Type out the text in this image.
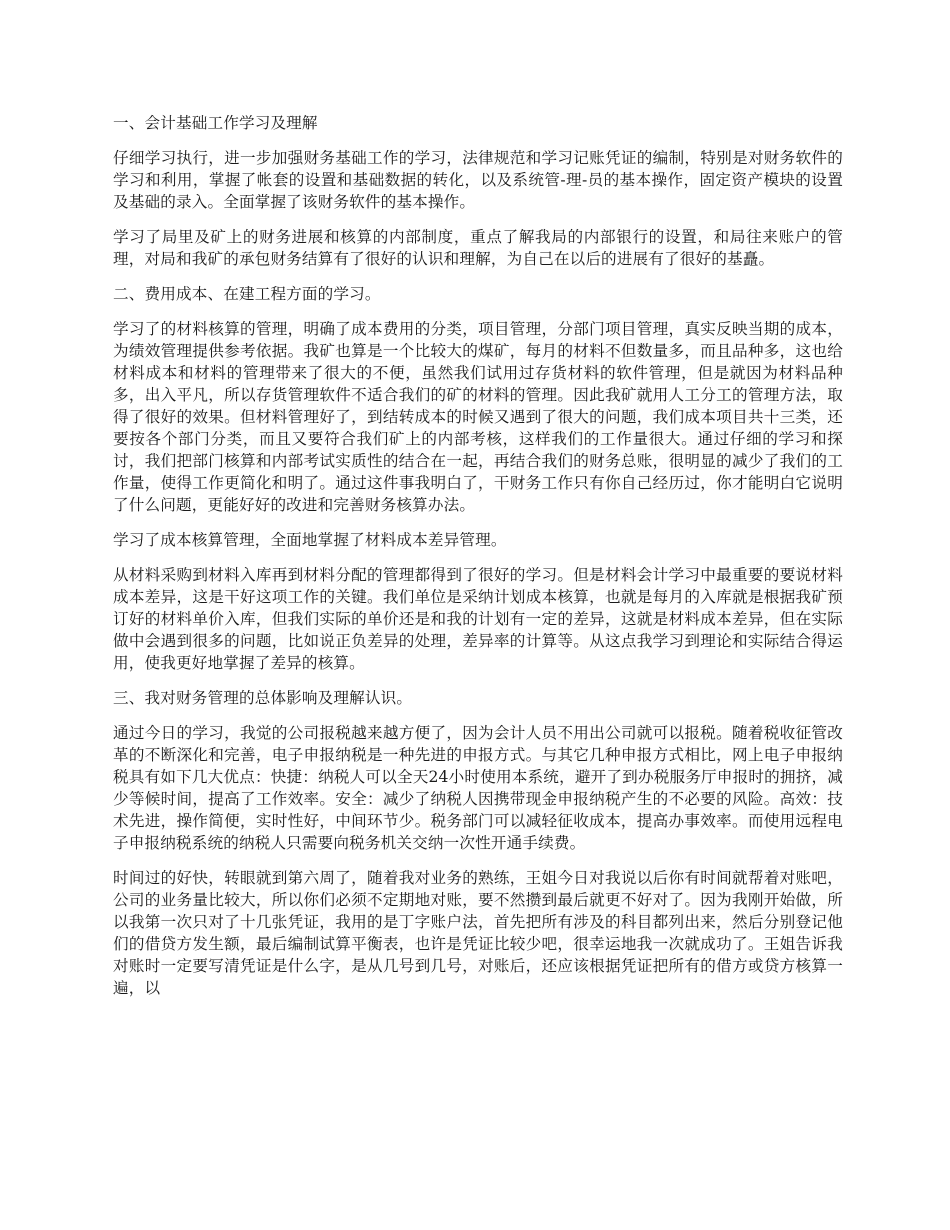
一、会计基础工作学习及理解
仔细学习执行，进一步加强财务基础工作的学习，法律规范和学习记账凭证的编制，特别是对财务软件的学习和利用，掌握了帐套的设置和基础数据的转化，以及系统管-理-员的基本操作，固定资产模块的设置及基础的录入。全面掌握了该财务软件的基本操作。
学习了局里及矿上的财务进展和核算的内部制度，重点了解我局的内部银行的设置，和局往来账户的管理，对局和我矿的承包财务结算有了很好的认识和理解，为自己在以后的进展有了很好的基矗。
二、费用成本、在建工程方面的学习。
学习了的材料核算的管理，明确了成本费用的分类，项目管理，分部门项目管理，真实反映当期的成本，为绩效管理提供参考依据。我矿也算是一个比较大的煤矿，每月的材料不但数量多，而且品种多，这也给材料成本和材料的管理带来了很大的不便，虽然我们试用过存货材料的软件管理，但是就因为材料品种多，出入平凡，所以存货管理软件不适合我们的矿的材料的管理。因此我矿就用人工分工的管理方法，取得了很好的效果。但材料管理好了，到结转成本的时候又遇到了很大的问题，我们成本项目共十三类，还要按各个部门分类，而且又要符合我们矿上的内部考核，这样我们的工作量很大。通过仔细的学习和探讨，我们把部门核算和内部考试实质性的结合在一起，再结合我们的财务总账，很明显的减少了我们的工作量，使得工作更简化和明了。通过这件事我明白了，干财务工作只有你自己经历过，你才能明白它说明了什么问题，更能好好的改进和完善财务核算办法。
学习了成本核算管理，全面地掌握了材料成本差异管理。
从材料采购到材料入库再到材料分配的管理都得到了很好的学习。但是材料会计学习中最重要的要说材料成本差异，这是干好这项工作的关键。我们单位是采纳计划成本核算，也就是每月的入库就是根据我矿预订好的材料单价入库，但我们实际的单价还是和我的计划有一定的差异，这就是材料成本差异，但在实际做中会遇到很多的问题，比如说正负差异的处理，差异率的计算等。从这点我学习到理论和实际结合得运用，使我更好地掌握了差异的核算。
三、我对财务管理的总体影响及理解认识。
通过今日的学习，我觉的公司报税越来越方便了，因为会计人员不用出公司就可以报税。随着税收征管改革的不断深化和完善，电子申报纳税是一种先进的申报方式。与其它几种申报方式相比，网上电子申报纳税具有如下几大优点：快捷：纳税人可以全天24小时使用本系统，避开了到办税服务厅申报时的拥挤，减少等候时间，提高了工作效率。安全：减少了纳税人因携带现金申报纳税产生的不必要的风险。高效：技术先进，操作简便，实时性好，中间环节少。税务部门可以减轻征收成本，提高办事效率。而使用远程电子申报纳税系统的纳税人只需要向税务机关交纳一次性开通手续费。
时间过的好快，转眼就到第六周了，随着我对业务的熟练，王姐今日对我说以后你有时间就帮着对账吧，公司的业务量比较大，所以你们必须不定期地对账，要不然攒到最后就更不好对了。因为我刚开始做，所以我第一次只对了十几张凭证，我用的是丁字账户法，首先把所有涉及的科目都列出来，然后分别登记他们的借贷方发生额，最后编制试算平衡表，也许是凭证比较少吧，很幸运地我一次就成功了。王姐告诉我对账时一定要写清凭证是什么字，是从几号到几号，对账后，还应该根据凭证把所有的借方或贷方核算一遍，以
